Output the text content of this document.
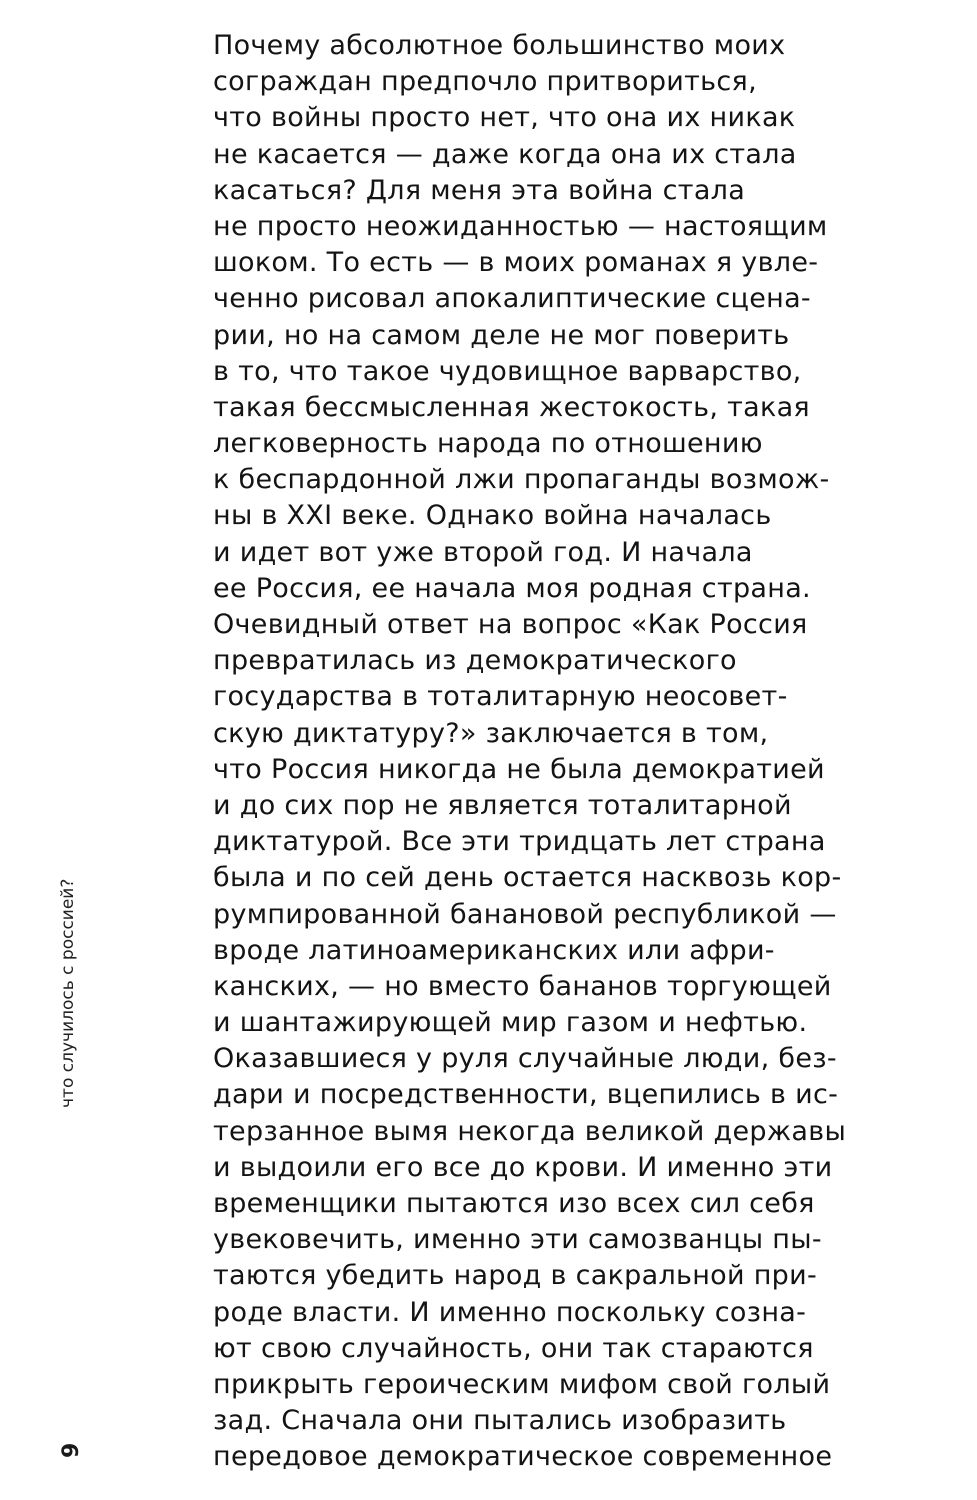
что случилось с россией?
9
Почему абсолютное большинство моих
сограждан предпочло притвориться,
что войны просто нет, что она их никак
не касается — даже когда она их стала
касаться? Для меня эта война стала
не просто неожиданностью — настоящим
шоком. То есть — в моих романах я увле-
ченно рисовал апокалиптические сцена-
рии, но на самом деле не мог поверить
в то, что такое чудовищное варварство,
такая бессмысленная жестокость, такая
легковерность народа по отношению
к беспардонной лжи пропаганды возмож-
ны в XXI веке. Однако война началась
и идет вот уже второй год. И начала
ее Россия, ее начала моя родная страна.
Очевидный ответ на вопрос «Как Россия
превратилась из демократического
государства в тоталитарную неосовет-
скую диктатуру?» заключается в том,
что Россия никогда не была демократией
и до сих пор не является тоталитарной
диктатурой. Все эти тридцать лет страна
была и по сей день остается насквозь кор-
румпированной банановой республикой —
вроде латиноамериканских или афри-
канских, — но вместо бананов торгующей
и шантажирующей мир газом и нефтью.
Оказавшиеся у руля случайные люди, без-
дари и посредственности, вцепились в ис-
терзанное вымя некогда великой державы
и выдоили его все до крови. И именно эти
временщики пытаются изо всех сил себя
увековечить, именно эти самозванцы пы-
таются убедить народ в сакральной при-
роде власти. И именно поскольку созна-
ют свою случайность, они так стараются
прикрыть героическим мифом свой голый
зад. Сначала они пытались изобразить
передовое демократическое современное
